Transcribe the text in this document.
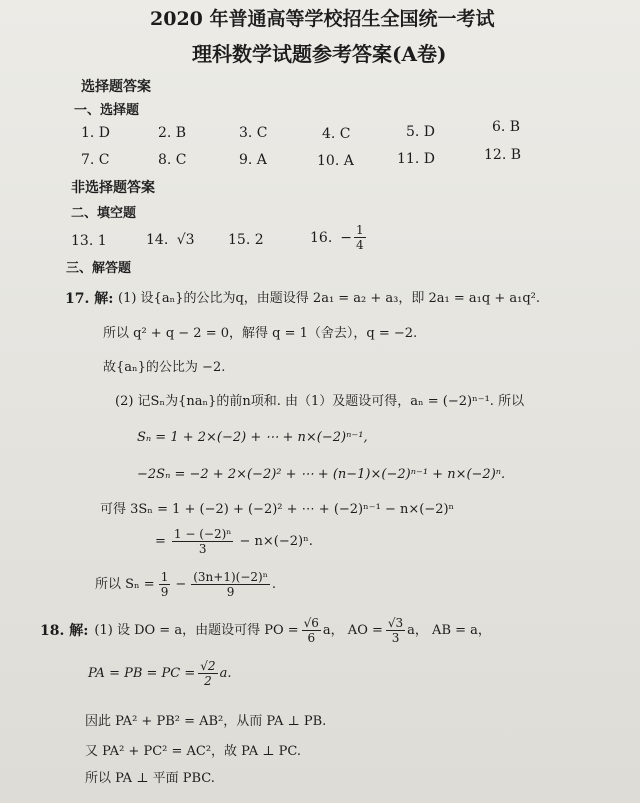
2020 年普通高等学校招生全国统一考试
理科数学试题参考答案(A卷)
选择题答案
一、选择题
1. D	2. B	3. C	4. C	5. D	6. B
7. C	8. C	9. A	10. A	11. D	12. B
非选择题答案
二、填空题
13. 1	14. √3 15. 2	16. − $\frac{1}{4}$
三、解答题
17. 解: (1) 设{aₙ}的公比为q，由题设得 2a₁ = a₂ + a₃，即 2a₁ = a₁q + a₁q².
所以 q² + q − 2 = 0，解得 q = 1（舍去），q = −2.
故{aₙ}的公比为 −2.
(2) 记Sₙ为{naₙ}的前n项和. 由（1）及题设可得，aₙ = (−2)ⁿ⁻¹. 所以
Sₙ = 1 + 2×(−2) + ⋯ + n×(−2)ⁿ⁻¹,
−2Sₙ = −2 + 2×(−2)² + ⋯ + (n−1)×(−2)ⁿ⁻¹ + n×(−2)ⁿ.
可得 3Sₙ = 1 + (−2) + (−2)² + ⋯ + (−2)ⁿ⁻¹ − n×(−2)ⁿ
= $\frac{\text{1 − (−2)ⁿ}}{3} - n\times(-2)^n$.
所以 $S_n = \frac{1}{9} - \frac{\text{(3n+1)(−2)ⁿ}}{9}$ .
18. 解: (1) 设 DO = a，由题设可得 PO = $\frac{√6}{6}$ a， AO = $\frac{√3}{3}$ a， AB = a，
PA = PB = PC = $\frac{√2}{2} a$.
因此 PA² + PB² = AB²，从而 PA ⊥ PB.
又 PA² + PC² = AC²，故 PA ⊥ PC.
所以 PA ⊥ 平面 PBC.
